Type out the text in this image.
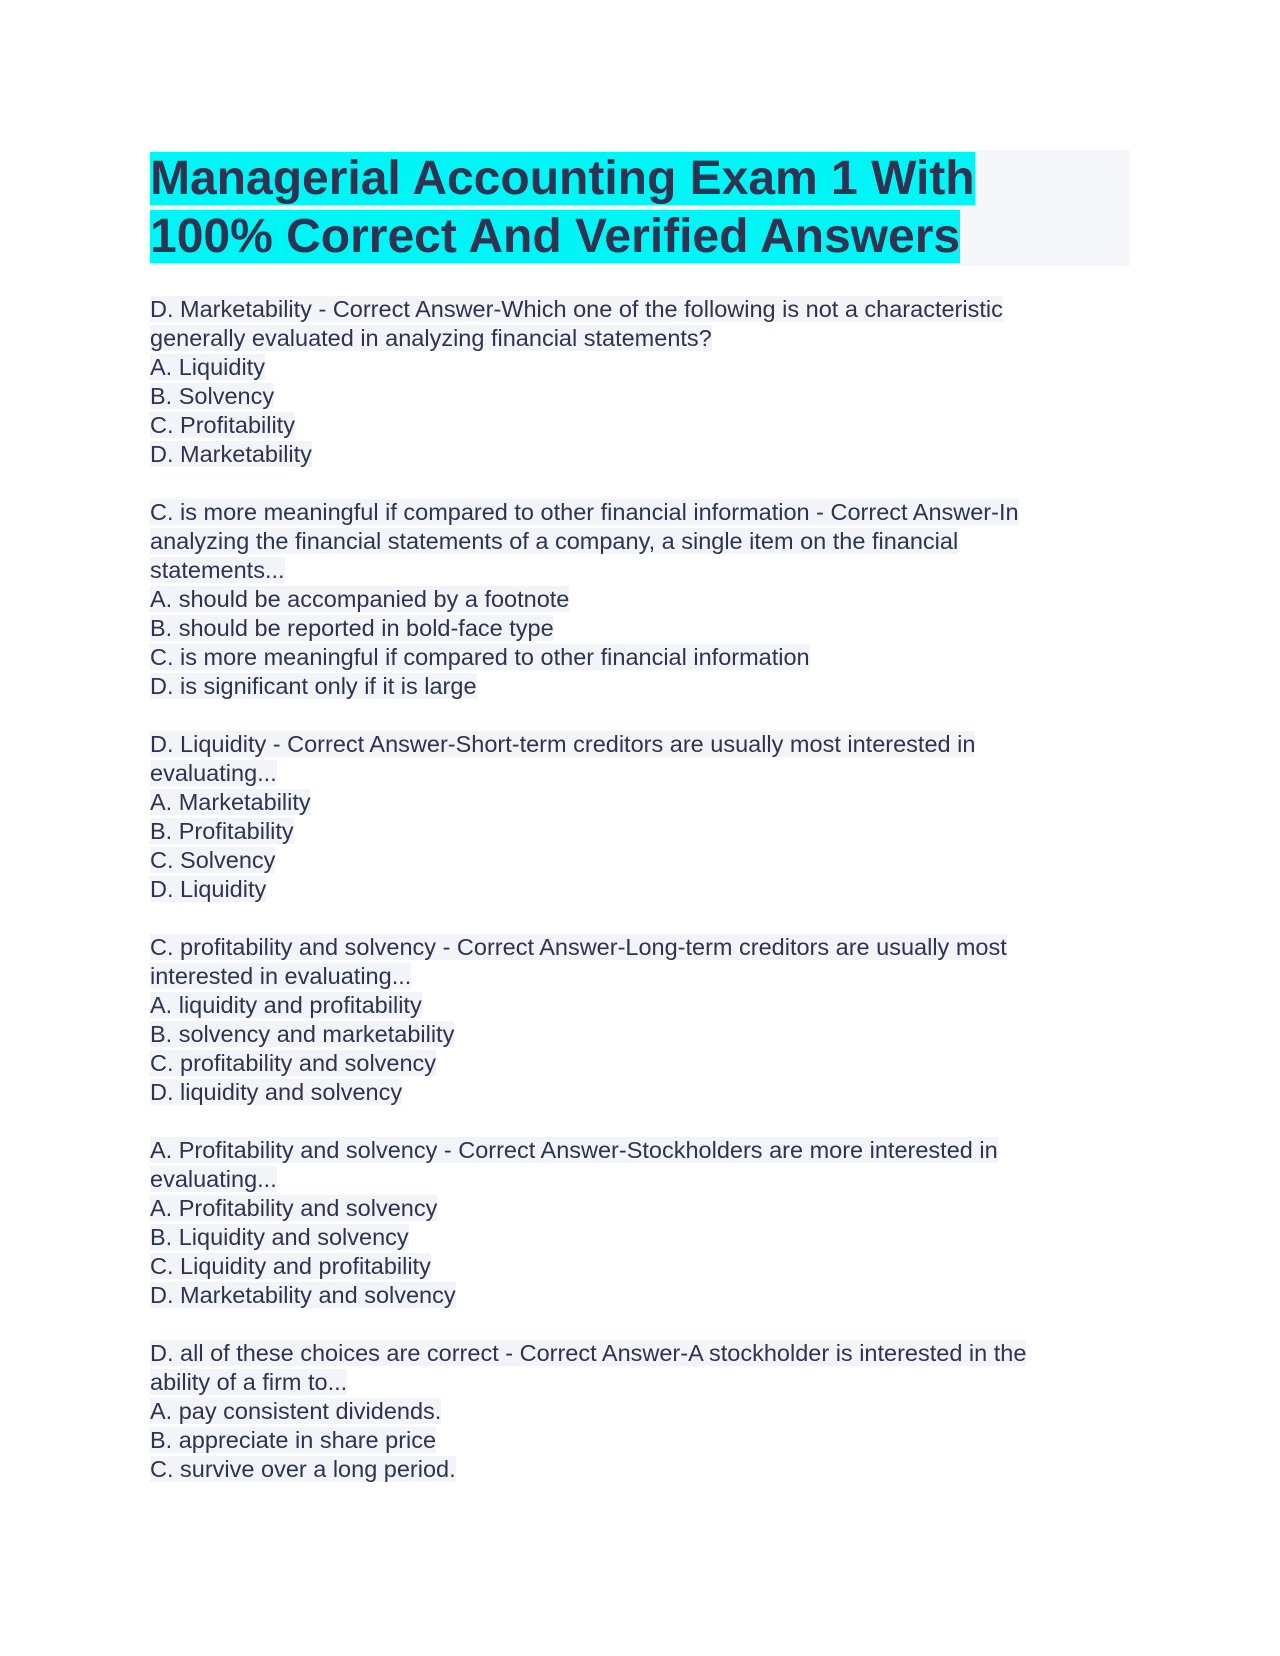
Managerial Accounting Exam 1 With
100% Correct And Verified Answers
D. Marketability - Correct Answer-Which one of the following is not a characteristic
generally evaluated in analyzing financial statements?
A. Liquidity
B. Solvency
C. Profitability
D. Marketability
C. is more meaningful if compared to other financial information - Correct Answer-In
analyzing the financial statements of a company, a single item on the financial
statements...
A. should be accompanied by a footnote
B. should be reported in bold-face type
C. is more meaningful if compared to other financial information
D. is significant only if it is large
D. Liquidity - Correct Answer-Short-term creditors are usually most interested in
evaluating...
A. Marketability
B. Profitability
C. Solvency
D. Liquidity
C. profitability and solvency - Correct Answer-Long-term creditors are usually most
interested in evaluating...
A. liquidity and profitability
B. solvency and marketability
C. profitability and solvency
D. liquidity and solvency
A. Profitability and solvency - Correct Answer-Stockholders are more interested in
evaluating...
A. Profitability and solvency
B. Liquidity and solvency
C. Liquidity and profitability
D. Marketability and solvency
D. all of these choices are correct - Correct Answer-A stockholder is interested in the
ability of a firm to...
A. pay consistent dividends.
B. appreciate in share price
C. survive over a long period.
